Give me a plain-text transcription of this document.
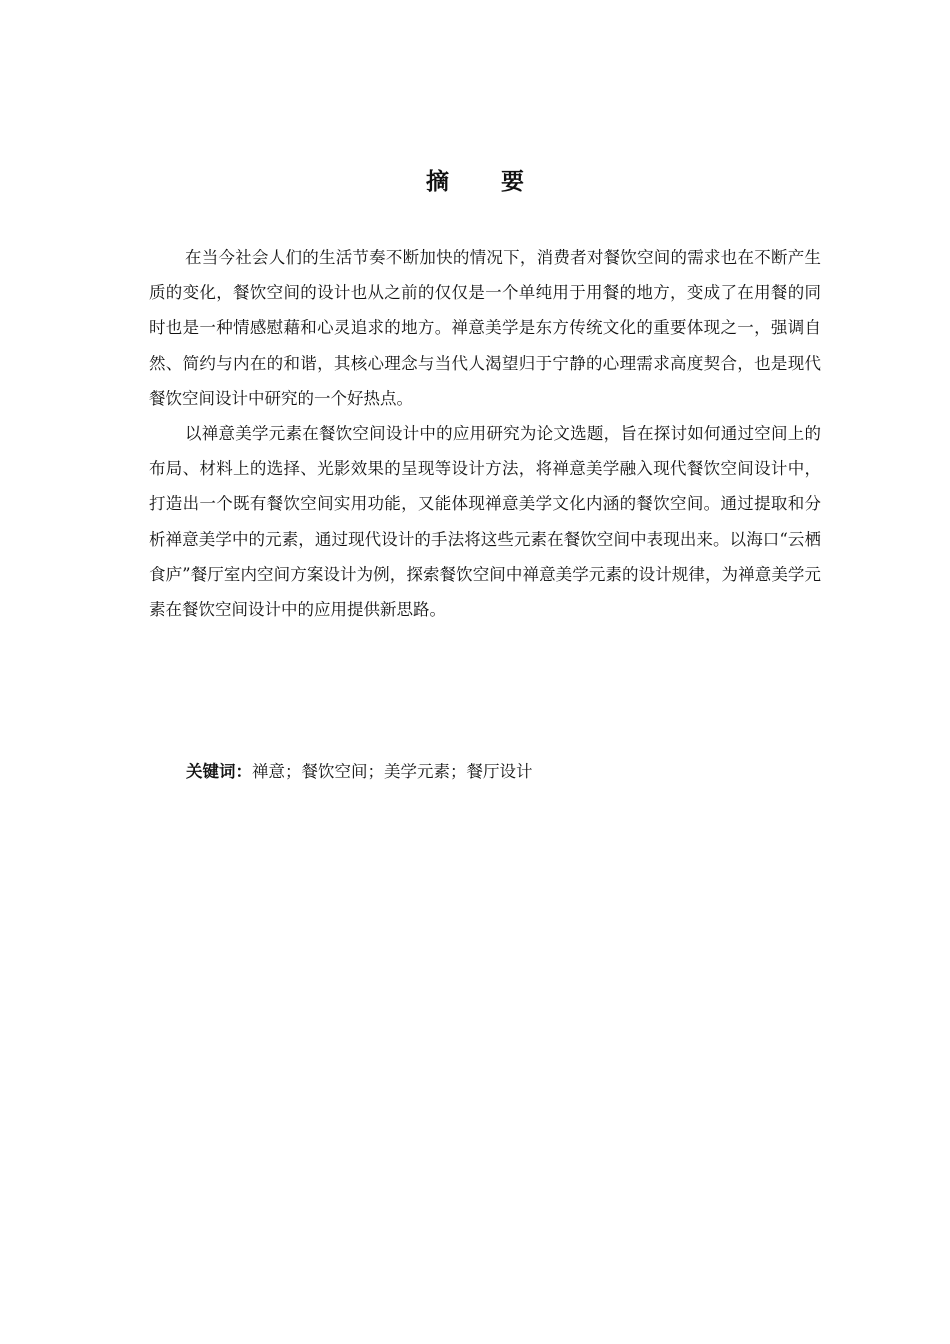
摘 要

在当今社会人们的生活节奏不断加快的情况下，消费者对餐饮空间的需求也在不断产生质的变化，餐饮空间的设计也从之前的仅仅是一个单纯用于用餐的地方，变成了在用餐的同时也是一种情感慰藉和心灵追求的地方。禅意美学是东方传统文化的重要体现之一，强调自然、简约与内在的和谐，其核心理念与当代人渴望归于宁静的心理需求高度契合，也是现代餐饮空间设计中研究的一个好热点。

以禅意美学元素在餐饮空间设计中的应用研究为论文选题，旨在探讨如何通过空间上的布局、材料上的选择、光影效果的呈现等设计方法，将禅意美学融入现代餐饮空间设计中，打造出一个既有餐饮空间实用功能，又能体现禅意美学文化内涵的餐饮空间。通过提取和分析禅意美学中的元素，通过现代设计的手法将这些元素在餐饮空间中表现出来。以海口“云栖食庐”餐厅室内空间方案设计为例，探索餐饮空间中禅意美学元素的设计规律，为禅意美学元素在餐饮空间设计中的应用提供新思路。

关键词：禅意；餐饮空间；美学元素；餐厅设计
